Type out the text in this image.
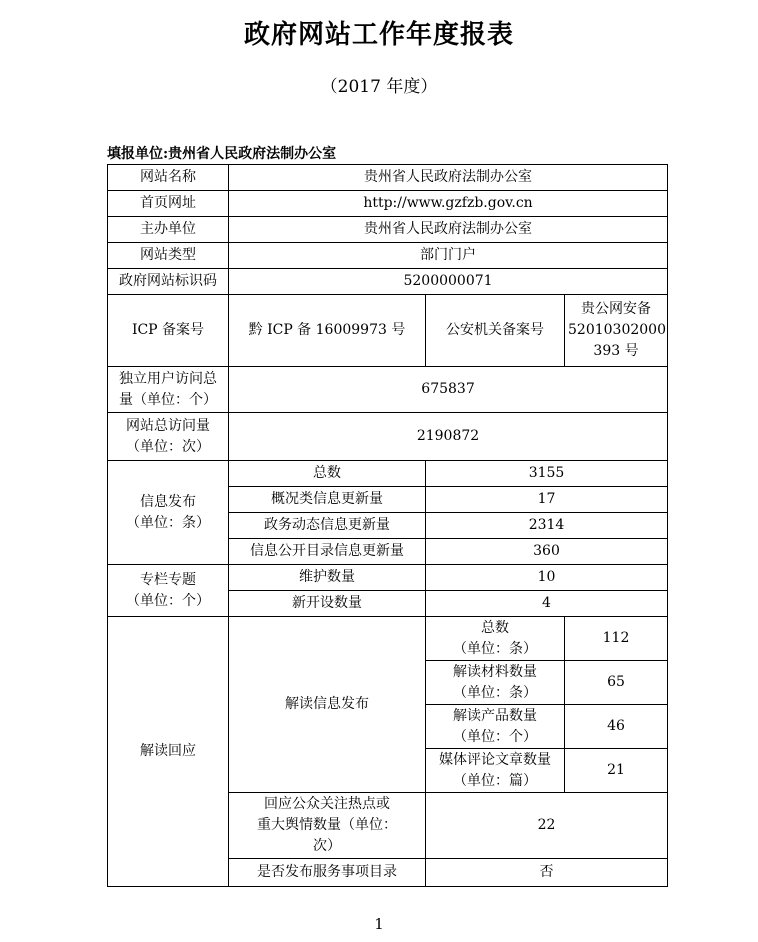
政府网站工作年度报表
（2017 年度）
填报单位:贵州省人民政府法制办公室
网站名称	贵州省人民政府法制办公室		
首页网址	http://www.gzfzb.gov.cn		
主办单位	贵州省人民政府法制办公室		
网站类型	部门门户		
政府网站标识码	5200000071		
ICP 备案号	黔 ICP 备 16009973 号	公安机关备案号	贵公网安备
52010302000
393 号

独立用户访问总
量（单位：个）	675837		

网站总访问量
（单位：次）	2190872		

信息发布
（单位：条）	总数	3155	
	概况类信息更新量	17	
	政务动态信息更新量	2314	
	信息公开目录信息更新量	360	

专栏专题
（单位：个）	维护数量	10	
	新开设数量	4	
解读回应	解读信息发布	总数
（单位：条）	112

		解读材料数量
（单位：条）	65

		解读产品数量
（单位：个）	46

		媒体评论文章数量
（单位：篇）	21

	回应公众关注热点或
重大舆情数量（单位：
次）	22	
	是否发布服务事项目录	否	
1
